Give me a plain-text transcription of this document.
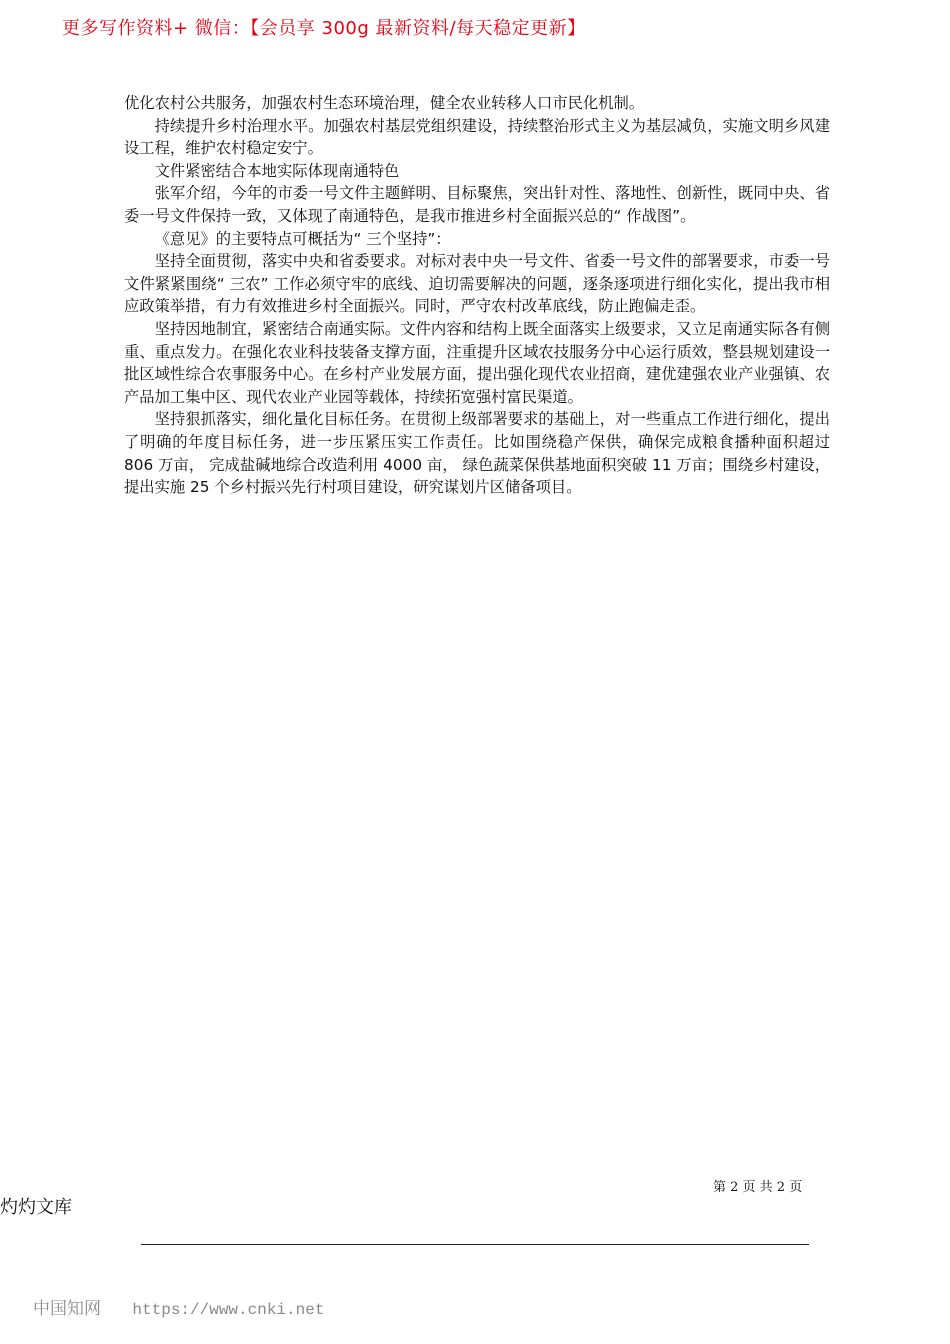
更多写作资料+ 微信：【会员享 300g 最新资料/每天稳定更新】

优化农村公共服务，加强农村生态环境治理，健全农业转移人口市民化机制。

持续提升乡村治理水平。加强农村基层党组织建设，持续整治形式主义为基层减负，实施文明乡风建设工程，维护农村稳定安宁。

文件紧密结合本地实际体现南通特色

张军介绍，今年的市委一号文件主题鲜明、目标聚焦，突出针对性、落地性、创新性，既同中央、省委一号文件保持一致，又体现了南通特色，是我市推进乡村全面振兴总的“ 作战图”。

《意见》的主要特点可概括为“ 三个坚持”：

坚持全面贯彻，落实中央和省委要求。对标对表中央一号文件、省委一号文件的部署要求，市委一号文件紧紧围绕“ 三农” 工作必须守牢的底线、迫切需要解决的问题，逐条逐项进行细化实化，提出我市相应政策举措，有力有效推进乡村全面振兴。同时，严守农村改革底线，防止跑偏走歪。

坚持因地制宜，紧密结合南通实际。文件内容和结构上既全面落实上级要求，又立足南通实际各有侧重、重点发力。在强化农业科技装备支撑方面，注重提升区域农技服务分中心运行质效，整县规划建设一批区域性综合农事服务中心。在乡村产业发展方面，提出强化现代农业招商，建优建强农业产业强镇、农产品加工集中区、现代农业产业园等载体，持续拓宽强村富民渠道。

坚持狠抓落实，细化量化目标任务。在贯彻上级部署要求的基础上，对一些重点工作进行细化，提出了明确的年度目标任务，进一步压紧压实工作责任。比如围绕稳产保供，确保完成粮食播种面积超过 806 万亩， 完成盐碱地综合改造利用 4000 亩， 绿色蔬菜保供基地面积突破 11 万亩；围绕乡村建设，提出实施 25 个乡村振兴先行村项目建设，研究谋划片区储备项目。

第 2 页 共 2 页
灼灼文库
中国知网 https://www.cnki.net
